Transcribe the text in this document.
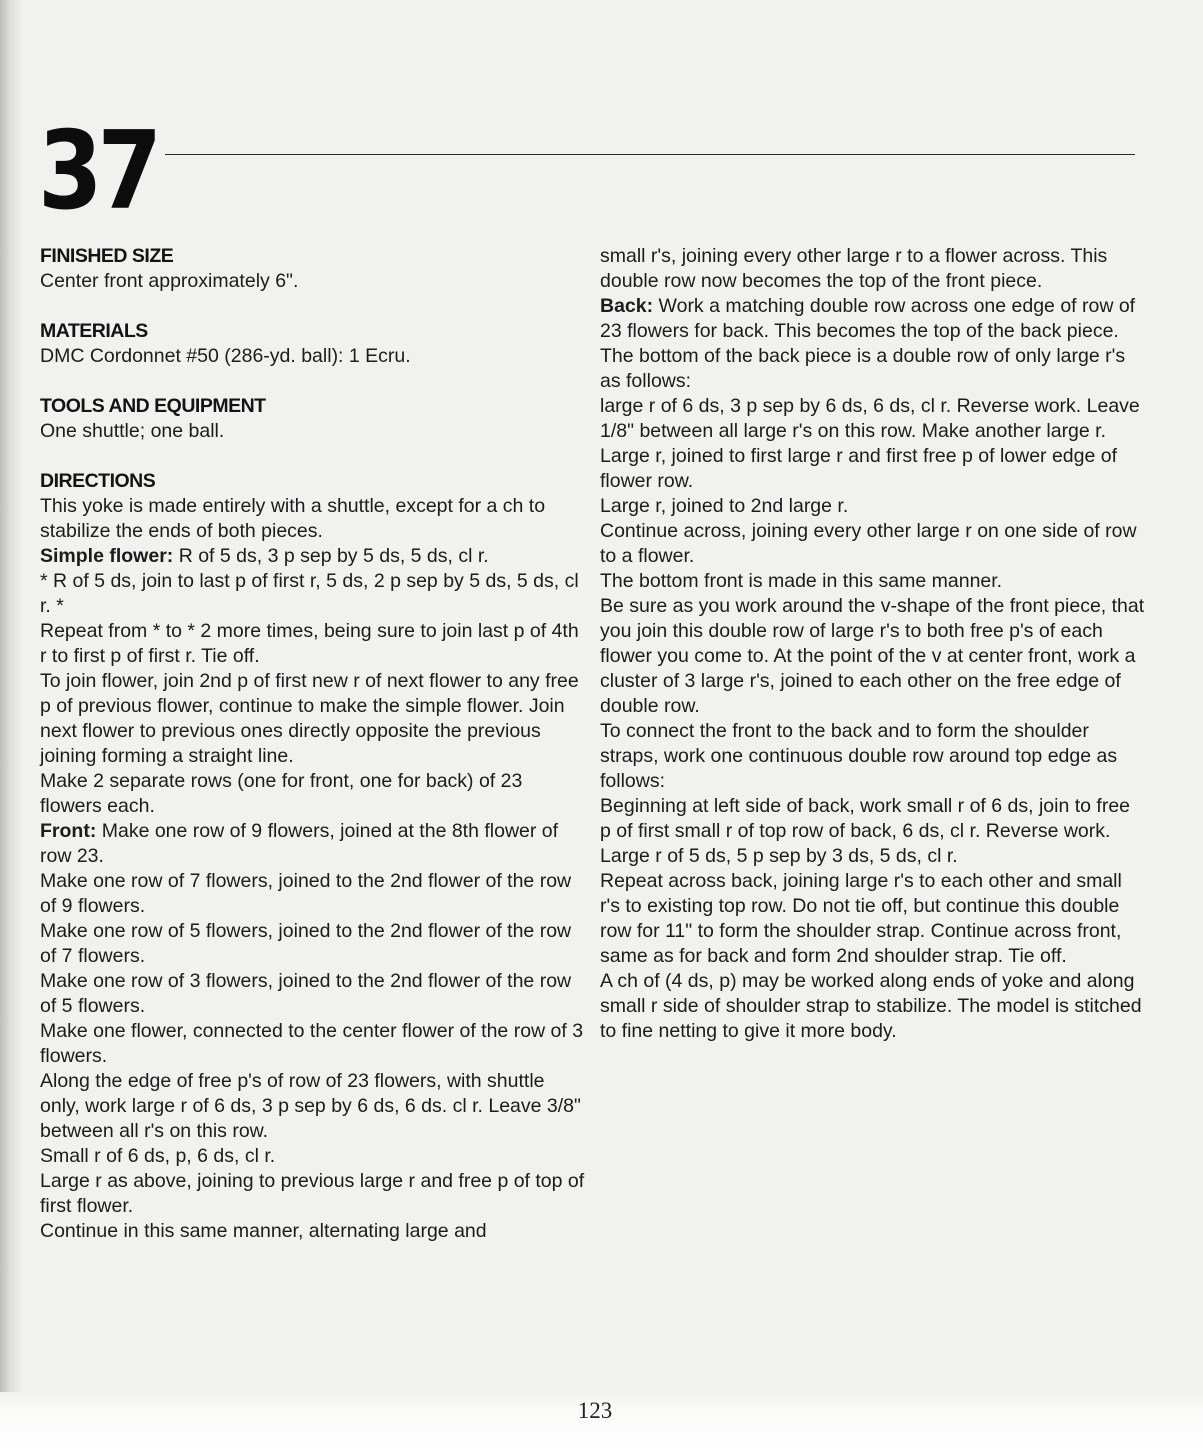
37
FINISHED SIZE

Center front approximately 6".

MATERIALS

DMC Cordonnet #50 (286-yd. ball): 1 Ecru.

TOOLS AND EQUIPMENT

One shuttle; one ball.

DIRECTIONS

This yoke is made entirely with a shuttle, except for a ch to stabilize the ends of both pieces.

Simple flower: R of 5 ds, 3 p sep by 5 ds, 5 ds, cl r.

* R of 5 ds, join to last p of first r, 5 ds, 2 p sep by 5 ds, 5 ds, cl r. *

Repeat from * to * 2 more times, being sure to join last p of 4th r to first p of first r. Tie off.

To join flower, join 2nd p of first new r of next flower to any free p of previous flower, continue to make the simple flower. Join next flower to previous ones directly opposite the previous joining forming a straight line.

Make 2 separate rows (one for front, one for back) of 23 flowers each.

Front: Make one row of 9 flowers, joined at the 8th flower of row 23.

Make one row of 7 flowers, joined to the 2nd flower of the row of 9 flowers.

Make one row of 5 flowers, joined to the 2nd flower of the row of 7 flowers.

Make one row of 3 flowers, joined to the 2nd flower of the row of 5 flowers.

Make one flower, connected to the center flower of the row of 3 flowers.

Along the edge of free p's of row of 23 flowers, with shuttle only, work large r of 6 ds, 3 p sep by 6 ds, 6 ds. cl r. Leave 3/8" between all r's on this row.

Small r of 6 ds, p, 6 ds, cl r.

Large r as above, joining to previous large r and free p of top of first flower.

Continue in this same manner, alternating large and

small r's, joining every other large r to a flower across. This double row now becomes the top of the front piece.

Back: Work a matching double row across one edge of row of 23 flowers for back. This becomes the top of the back piece.

The bottom of the back piece is a double row of only large r's as follows:

large r of 6 ds, 3 p sep by 6 ds, 6 ds, cl r. Reverse work. Leave 1/8" between all large r's on this row. Make another large r.

Large r, joined to first large r and first free p of lower edge of flower row.

Large r, joined to 2nd large r.

Continue across, joining every other large r on one side of row to a flower.

The bottom front is made in this same manner.

Be sure as you work around the v-shape of the front piece, that you join this double row of large r's to both free p's of each flower you come to. At the point of the v at center front, work a cluster of 3 large r's, joined to each other on the free edge of double row.

To connect the front to the back and to form the shoulder straps, work one continuous double row around top edge as follows:

Beginning at left side of back, work small r of 6 ds, join to free p of first small r of top row of back, 6 ds, cl r. Reverse work.

Large r of 5 ds, 5 p sep by 3 ds, 5 ds, cl r.

Repeat across back, joining large r's to each other and small r's to existing top row. Do not tie off, but continue this double row for 11" to form the shoulder strap. Continue across front, same as for back and form 2nd shoulder strap. Tie off.

A ch of (4 ds, p) may be worked along ends of yoke and along small r side of shoulder strap to stabilize. The model is stitched to fine netting to give it more body.

123
